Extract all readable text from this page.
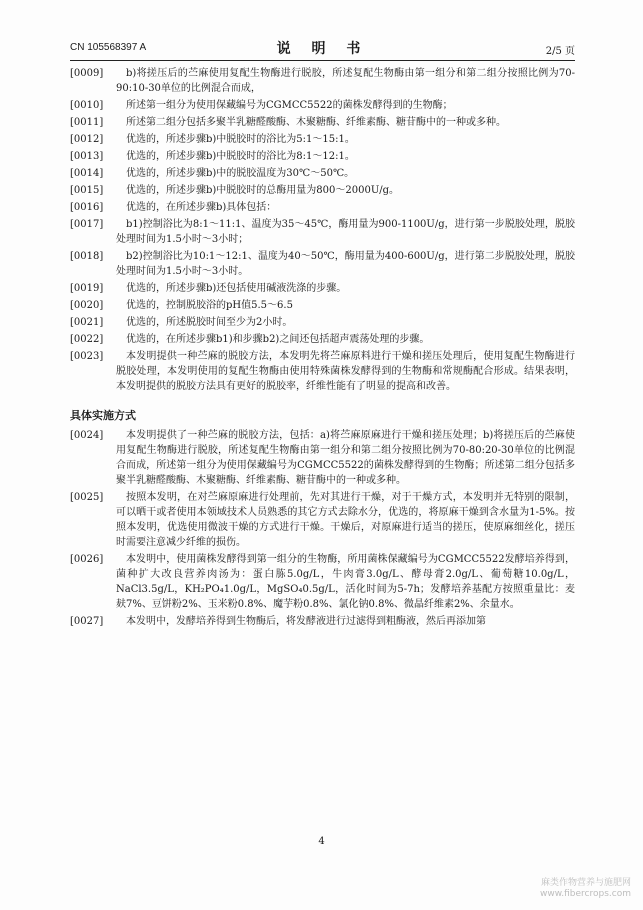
CN 105568397 A	说 明 书	2/5 页
[0009]	b)将搓压后的苎麻使用复配生物酶进行脱胶，所述复配生物酶由第一组分和第二组分按照比例为70-90:10-30单位的比例混合而成，
[0010]	所述第一组分为使用保藏编号为CGMCC5522的菌株发酵得到的生物酶；
[0011]	所述第二组分包括多聚半乳糖醛酸酶、木聚糖酶、纤维素酶、糖苷酶中的一种或多种。
[0012]	优选的，所述步骤b)中脱胶时的浴比为5:1～15:1。
[0013]	优选的，所述步骤b)中脱胶时的浴比为8:1～12:1。
[0014]	优选的，所述步骤b)中的脱胶温度为30℃～50℃。
[0015]	优选的，所述步骤b)中脱胶时的总酶用量为800～2000U/g。
[0016]	优选的，在所述步骤b)具体包括：
[0017]	b1)控制浴比为8:1～11:1、温度为35～45℃，酶用量为900-1100U/g，进行第一步脱胶处理，脱胶处理时间为1.5小时～3小时；
[0018]	b2)控制浴比为10:1～12:1、温度为40～50℃，酶用量为400-600U/g，进行第二步脱胶处理，脱胶处理时间为1.5小时～3小时。
[0019]	优选的，所述步骤b)还包括使用碱液洗涤的步骤。
[0020]	优选的，控制脱胶浴的pH值5.5～6.5
[0021]	优选的，所述脱胶时间至少为2小时。
[0022]	优选的，在所述步骤b1)和步骤b2)之间还包括超声震荡处理的步骤。
[0023]	本发明提供一种苎麻的脱胶方法，本发明先将苎麻原料进行干燥和搓压处理后，使用复配生物酶进行脱胶处理，本发明使用的复配生物酶由使用特殊菌株发酵得到的生物酶和常规酶配合形成。结果表明，本发明提供的脱胶方法具有更好的脱胶率，纤维性能有了明显的提高和改善。
具体实施方式
[0024]	本发明提供了一种苎麻的脱胶方法，包括：a)将苎麻原麻进行干燥和搓压处理；b)将搓压后的苎麻使用复配生物酶进行脱胶，所述复配生物酶由第一组分和第二组分按照比例为70-80:20-30单位的比例混合而成，所述第一组分为使用保藏编号为CGMCC5522的菌株发酵得到的生物酶；所述第二组分包括多聚半乳糖醛酸酶、木聚糖酶、纤维素酶、糖苷酶中的一种或多种。
[0025]	按照本发明，在对苎麻原麻进行处理前，先对其进行干燥，对于干燥方式，本发明并无特别的限制，可以晒干或者使用本领域技术人员熟悉的其它方式去除水分，优选的，将原麻干燥到含水量为1-5%。按照本发明，优选使用微波干燥的方式进行干燥。干燥后，对原麻进行适当的搓压，使原麻细丝化，搓压时需要注意减少纤维的损伤。
[0026]	本发明中，使用菌株发酵得到第一组分的生物酶，所用菌株保藏编号为CGMCC5522发酵培养得到，菌种扩大改良营养肉汤为：蛋白胨5.0g/L，牛肉膏3.0g/L、酵母膏2.0g/L、葡萄糖10.0g/L，NaCl3.5g/L，KH₂PO₄1.0g/L，MgSO₄0.5g/L，活化时间为5-7h；发酵培养基配方按照重量比：麦麸7%、豆饼粉2%、玉米粉0.8%、魔芋粉0.8%、氯化钠0.8%、微晶纤维素2%、余量水。
[0027]	本发明中，发酵培养得到生物酶后，将发酵液进行过滤得到粗酶液，然后再添加第
4
麻类作物营养与施肥网
www.fibercrops.com
